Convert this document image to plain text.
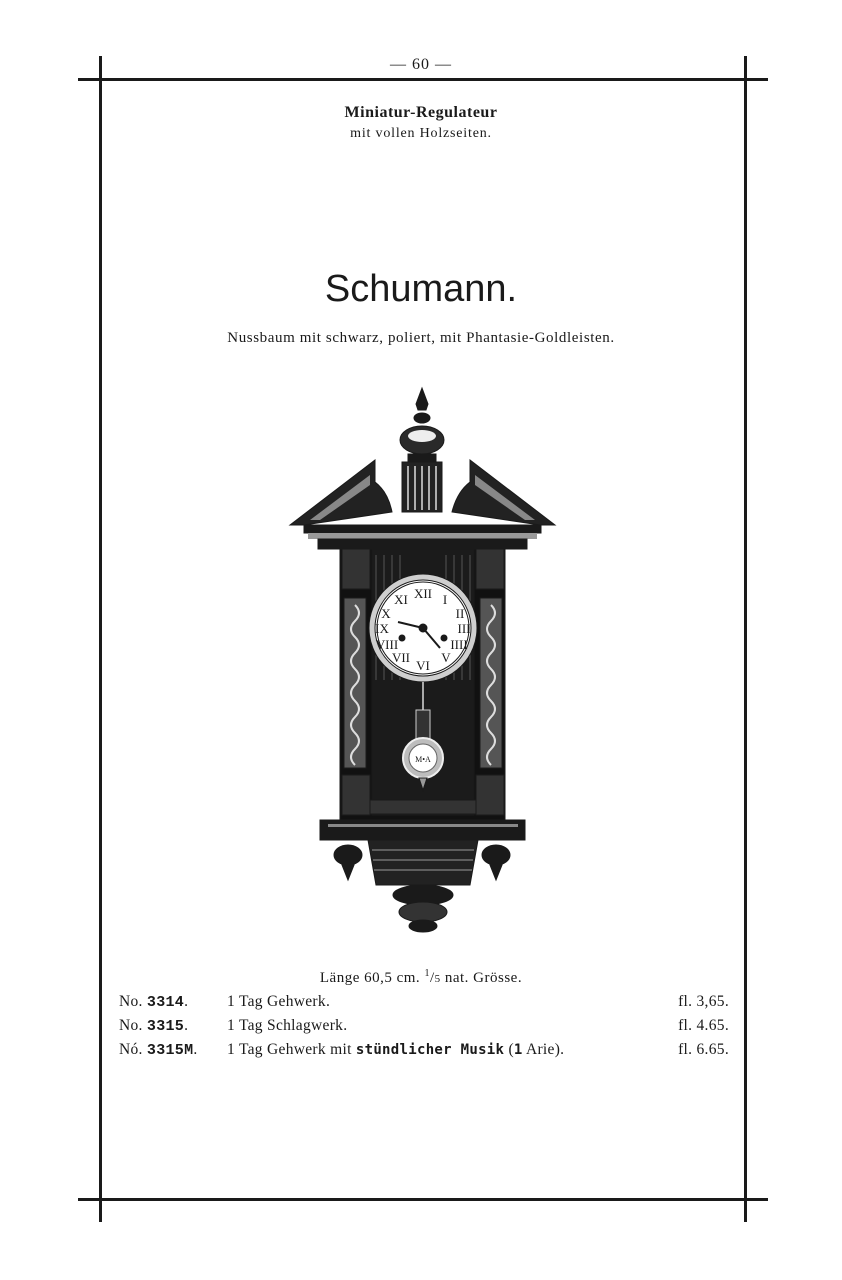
— 60 —
Miniatur-Regulateur
mit vollen Holzseiten.
Schumann.
Nussbaum mit schwarz, poliert, mit Phantasie-Goldleisten.
XII I
II
III
IIII
V
VI
VII
VIII
IX
X
XI
M•A
Länge 60,5 cm. $^1$/5 nat. Grösse.
No. 3314. 1 Tag Gehwerk.	fl. 3,65.
No. 3315. 1 Tag Schlagwerk.	fl. 4.65.
Nó. 3315M. 1 Tag Gehwerk mit stündlicher Musik (1 Arie).	fl. 6.65.
